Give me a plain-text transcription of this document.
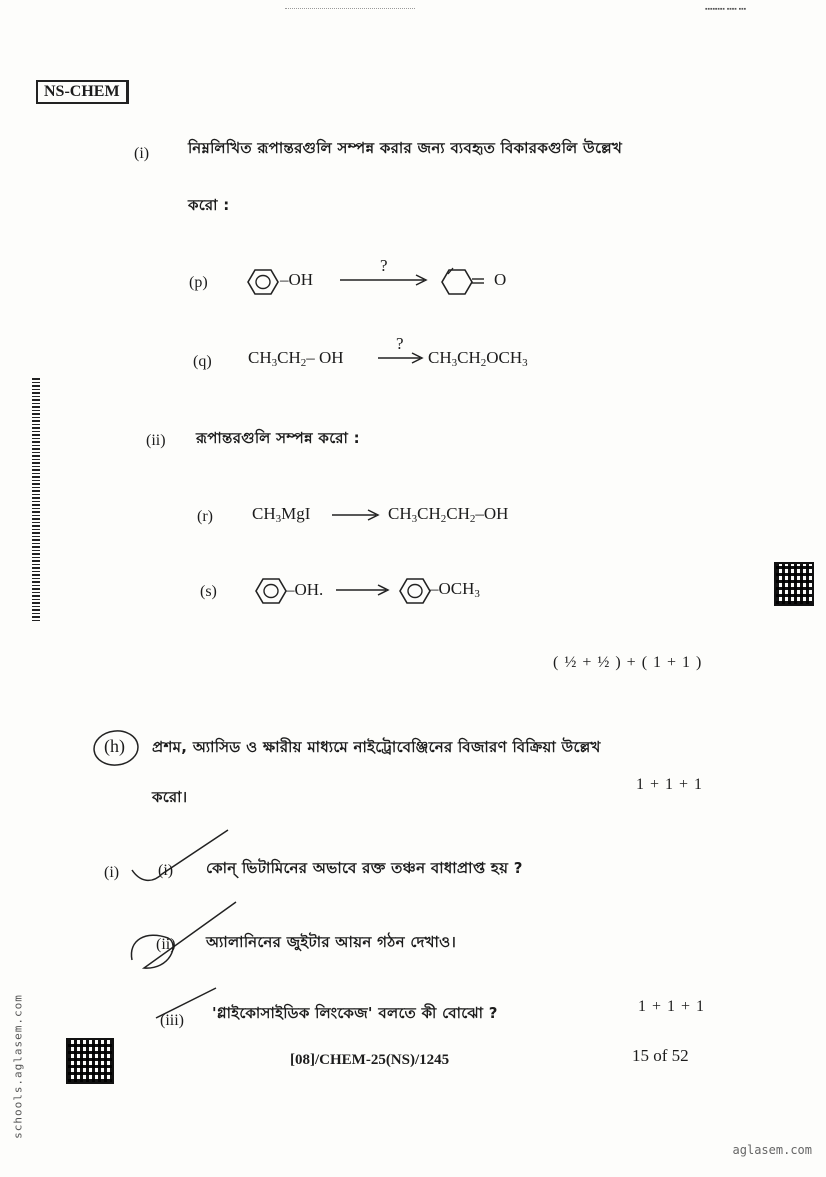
▪▪▪▪▪▪▪▪ ▪▪▪▪ ▪▪▪
NS-CHEM
(i)	নিম্নলিখিত রূপান্তরগুলি সম্পন্ন করার জন্য ব্যবহৃত বিকারকগুলি উল্লেখ
করো :
(p)	–OH
?
O
(q) $CH_3CH_2-$ OH
?
$CH_3CH_2OCH_3$
(ii) রূপান্তরগুলি সম্পন্ন করো :
(r) $CH_3MgI$	$CH_3CH_2CH_2-OH$
(s)	–OH.	$-OCH_3$
( ½ + ½ ) + ( 1 + 1 )
(h) প্রশম, অ্যাসিড ও ক্ষারীয় মাধ্যমে নাইট্রোবেঞ্জিনের বিজারণ বিক্রিয়া উল্লেখ
করো।
1 + 1 + 1
(i) (i) কোন্ ভিটামিনের অভাবে রক্ত তঞ্চন বাধাপ্রাপ্ত হয় ?
(ii) অ্যালানিনের জুইটার আয়ন গঠন দেখাও।
(iii) 'গ্লাইকোসাইডিক লিংকেজ' বলতে কী বোঝো ?	1 + 1 + 1
[08]/CHEM-25(NS)/1245	15 of 52
schools.aglasem.com
aglasem.com
